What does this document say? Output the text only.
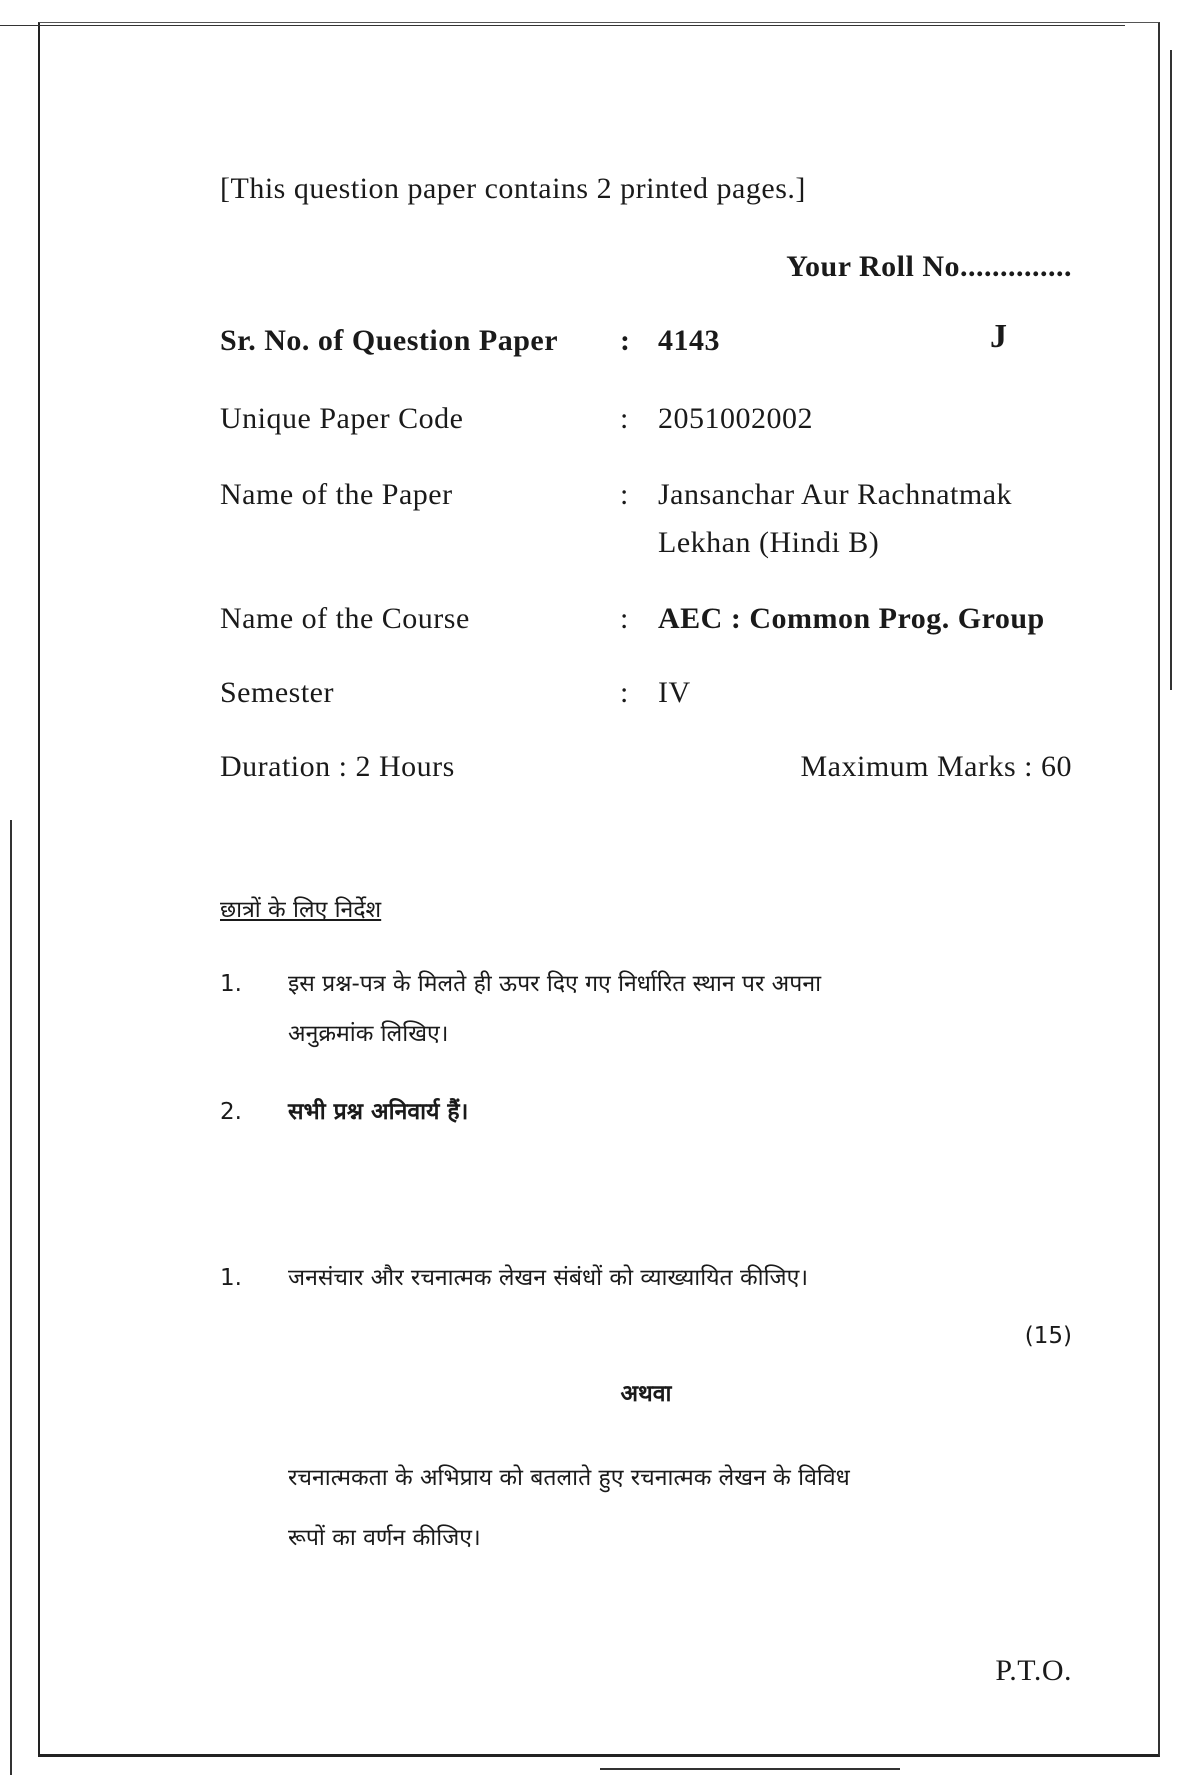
[This question paper contains 2 printed pages.]
Your Roll No..............
Sr. No. of Question Paper : 4143	J
Unique Paper Code	: 2051002002
Name of the Paper	: Jansanchar Aur Rachnatmak
Lekhan (Hindi B)
Name of the Course	: AEC : Common Prog. Group
Semester	: IV
Duration : 2 Hours	Maximum Marks : 60
छात्रों के लिए निर्देश
1. इस प्रश्न-पत्र के मिलते ही ऊपर दिए गए निर्धारित स्थान पर अपना
अनुक्रमांक लिखिए।
2. सभी प्रश्न अनिवार्य हैं।
1. जनसंचार और रचनात्मक लेखन संबंधों को व्याख्यायित कीजिए।
(15)
अथवा
रचनात्मकता के अभिप्राय को बतलाते हुए रचनात्मक लेखन के विविध
रूपों का वर्णन कीजिए।
P.T.O.
